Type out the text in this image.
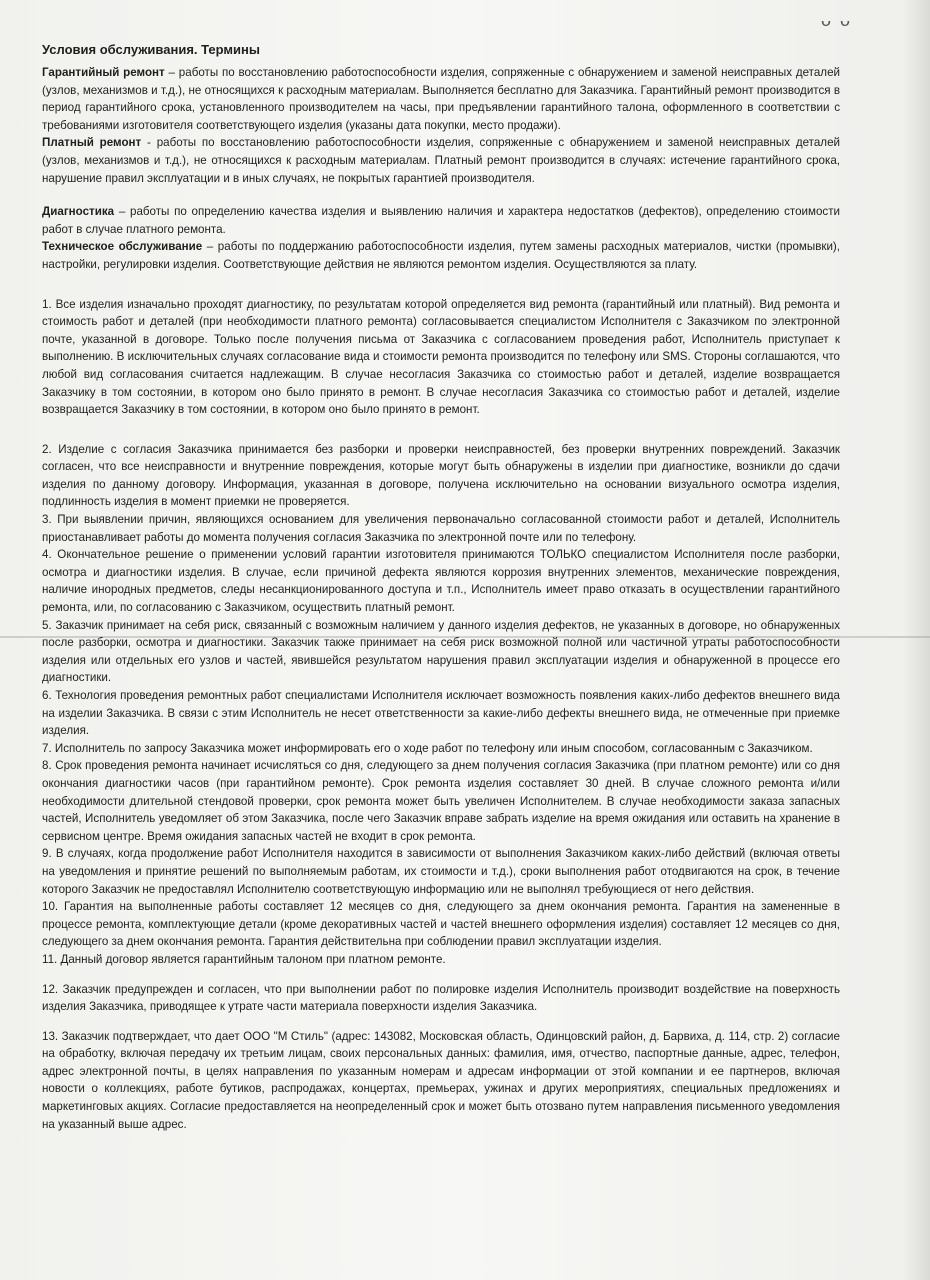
ᴗ ᴗ

Условия обслуживания. Термины

Гарантийный ремонт – работы по восстановлению работоспособности изделия, сопряженные с обнаружением и заменой неисправных деталей (узлов, механизмов и т.д.), не относящихся к расходным материалам. Выполняется бесплатно для Заказчика. Гарантийный ремонт производится в период гарантийного срока, установленного производителем на часы, при предъявлении гарантийного талона, оформленного в соответствии с требованиями изготовителя соответствующего изделия (указаны дата покупки, место продажи).

Платный ремонт - работы по восстановлению работоспособности изделия, сопряженные с обнаружением и заменой неисправных деталей (узлов, механизмов и т.д.), не относящихся к расходным материалам. Платный ремонт производится в случаях: истечение гарантийного срока, нарушение правил эксплуатации и в иных случаях, не покрытых гарантией производителя.

Диагностика – работы по определению качества изделия и выявлению наличия и характера недостатков (дефектов), определению стоимости работ в случае платного ремонта.

Техническое обслуживание – работы по поддержанию работоспособности изделия, путем замены расходных материалов, чистки (промывки), настройки, регулировки изделия. Соответствующие действия не являются ремонтом изделия. Осуществляются за плату.

1. Все изделия изначально проходят диагностику, по результатам которой определяется вид ремонта (гарантийный или платный). Вид ремонта и стоимость работ и деталей (при необходимости платного ремонта) согласовывается специалистом Исполнителя с Заказчиком по электронной почте, указанной в договоре. Только после получения письма от Заказчика с согласованием проведения работ, Исполнитель приступает к выполнению. В исключительных случаях согласование вида и стоимости ремонта производится по телефону или SMS. Стороны соглашаются, что любой вид согласования считается надлежащим. В случае несогласия Заказчика со стоимостью работ и деталей, изделие возвращается Заказчику в том состоянии, в котором оно было принято в ремонт. В случае несогласия Заказчика со стоимостью работ и деталей, изделие возвращается Заказчику в том состоянии, в котором оно было принято в ремонт.

2. Изделие с согласия Заказчика принимается без разборки и проверки неисправностей, без проверки внутренних повреждений. Заказчик согласен, что все неисправности и внутренние повреждения, которые могут быть обнаружены в изделии при диагностике, возникли до сдачи изделия по данному договору. Информация, указанная в договоре, получена исключительно на основании визуального осмотра изделия, подлинность изделия в момент приемки не проверяется.

3. При выявлении причин, являющихся основанием для увеличения первоначально согласованной стоимости работ и деталей, Исполнитель приостанавливает работы до момента получения согласия Заказчика по электронной почте или по телефону.

4. Окончательное решение о применении условий гарантии изготовителя принимаются ТОЛЬКО специалистом Исполнителя после разборки, осмотра и диагностики изделия. В случае, если причиной дефекта являются коррозия внутренних элементов, механические повреждения, наличие инородных предметов, следы несанкционированного доступа и т.п., Исполнитель имеет право отказать в осуществлении гарантийного ремонта, или, по согласованию с Заказчиком, осуществить платный ремонт.

5. Заказчик принимает на себя риск, связанный с возможным наличием у данного изделия дефектов, не указанных в договоре, но обнаруженных после разборки, осмотра и диагностики. Заказчик также принимает на себя риск возможной полной или частичной утраты работоспособности изделия или отдельных его узлов и частей, явившейся результатом нарушения правил эксплуатации изделия и обнаруженной в процессе его диагностики.

6. Технология проведения ремонтных работ специалистами Исполнителя исключает возможность появления каких-либо дефектов внешнего вида на изделии Заказчика. В связи с этим Исполнитель не несет ответственности за какие-либо дефекты внешнего вида, не отмеченные при приемке изделия.

7. Исполнитель по запросу Заказчика может информировать его о ходе работ по телефону или иным способом, согласованным с Заказчиком.

8. Срок проведения ремонта начинает исчисляться со дня, следующего за днем получения согласия Заказчика (при платном ремонте) или со дня окончания диагностики часов (при гарантийном ремонте). Срок ремонта изделия составляет 30 дней. В случае сложного ремонта и/или необходимости длительной стендовой проверки, срок ремонта может быть увеличен Исполнителем. В случае необходимости заказа запасных частей, Исполнитель уведомляет об этом Заказчика, после чего Заказчик вправе забрать изделие на время ожидания или оставить на хранение в сервисном центре. Время ожидания запасных частей не входит в срок ремонта.

9. В случаях, когда продолжение работ Исполнителя находится в зависимости от выполнения Заказчиком каких-либо действий (включая ответы на уведомления и принятие решений по выполняемым работам, их стоимости и т.д.), сроки выполнения работ отодвигаются на срок, в течение которого Заказчик не предоставлял Исполнителю соответствующую информацию или не выполнял требующиеся от него действия.

10. Гарантия на выполненные работы составляет 12 месяцев со дня, следующего за днем окончания ремонта. Гарантия на замененные в процессе ремонта, комплектующие детали (кроме декоративных частей и частей внешнего оформления изделия) составляет 12 месяцев со дня, следующего за днем окончания ремонта. Гарантия действительна при соблюдении правил эксплуатации изделия.

11. Данный договор является гарантийным талоном при платном ремонте.

12. Заказчик предупрежден и согласен, что при выполнении работ по полировке изделия Исполнитель производит воздействие на поверхность изделия Заказчика, приводящее к утрате части материала поверхности изделия Заказчика.

13. Заказчик подтверждает, что дает ООО "М Стиль" (адрес: 143082, Московская область, Одинцовский район, д. Барвиха, д. 114, стр. 2) согласие на обработку, включая передачу их третьим лицам, своих персональных данных: фамилия, имя, отчество, паспортные данные, адрес, телефон, адрес электронной почты, в целях направления по указанным номерам и адресам информации от этой компании и ее партнеров, включая новости о коллекциях, работе бутиков, распродажах, концертах, премьерах, ужинах и других мероприятиях, специальных предложениях и маркетинговых акциях. Согласие предоставляется на неопределенный срок и может быть отозвано путем направления письменного уведомления на указанный выше адрес.
